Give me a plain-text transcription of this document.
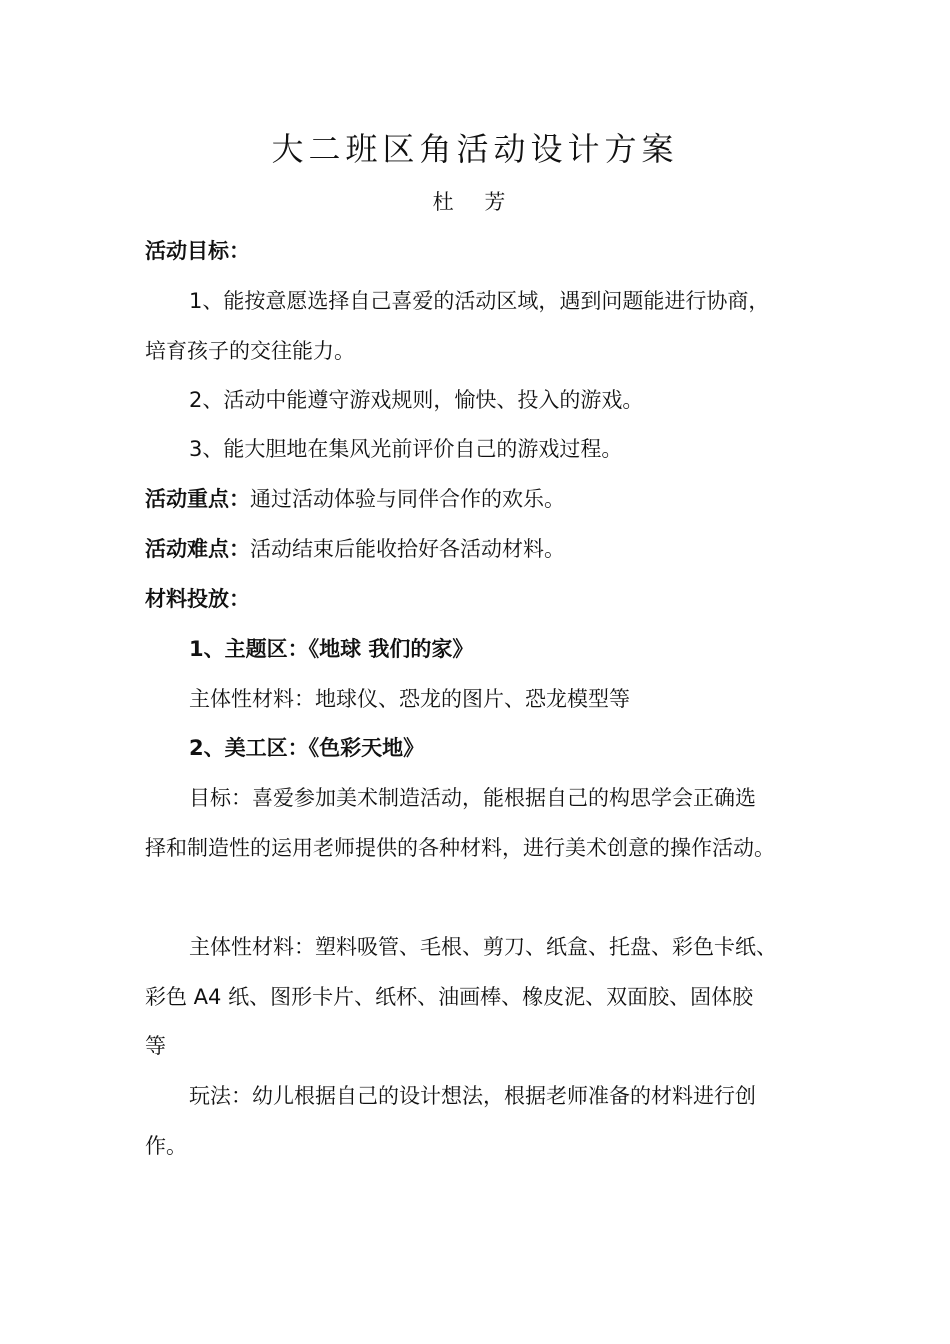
大二班区角活动设计方案
杜 芳
活动目标：
1、能按意愿选择自己喜爱的活动区域，遇到问题能进行协商，
培育孩子的交往能力。
2、活动中能遵守游戏规则，愉快、投入的游戏。
3、能大胆地在集风光前评价自己的游戏过程。
活动重点：通过活动体验与同伴合作的欢乐。
活动难点：活动结束后能收拾好各活动材料。
材料投放：
1、主题区：《地球 我们的家》
主体性材料：地球仪、恐龙的图片、恐龙模型等
2、美工区：《色彩天地》
目标：喜爱参加美术制造活动，能根据自己的构思学会正确选
择和制造性的运用老师提供的各种材料，进行美术创意的操作活动。
主体性材料：塑料吸管、毛根、剪刀、纸盒、托盘、彩色卡纸、
彩色 A4 纸、图形卡片、纸杯、油画棒、橡皮泥、双面胶、固体胶
等
玩法：幼儿根据自己的设计想法，根据老师准备的材料进行创
作。
